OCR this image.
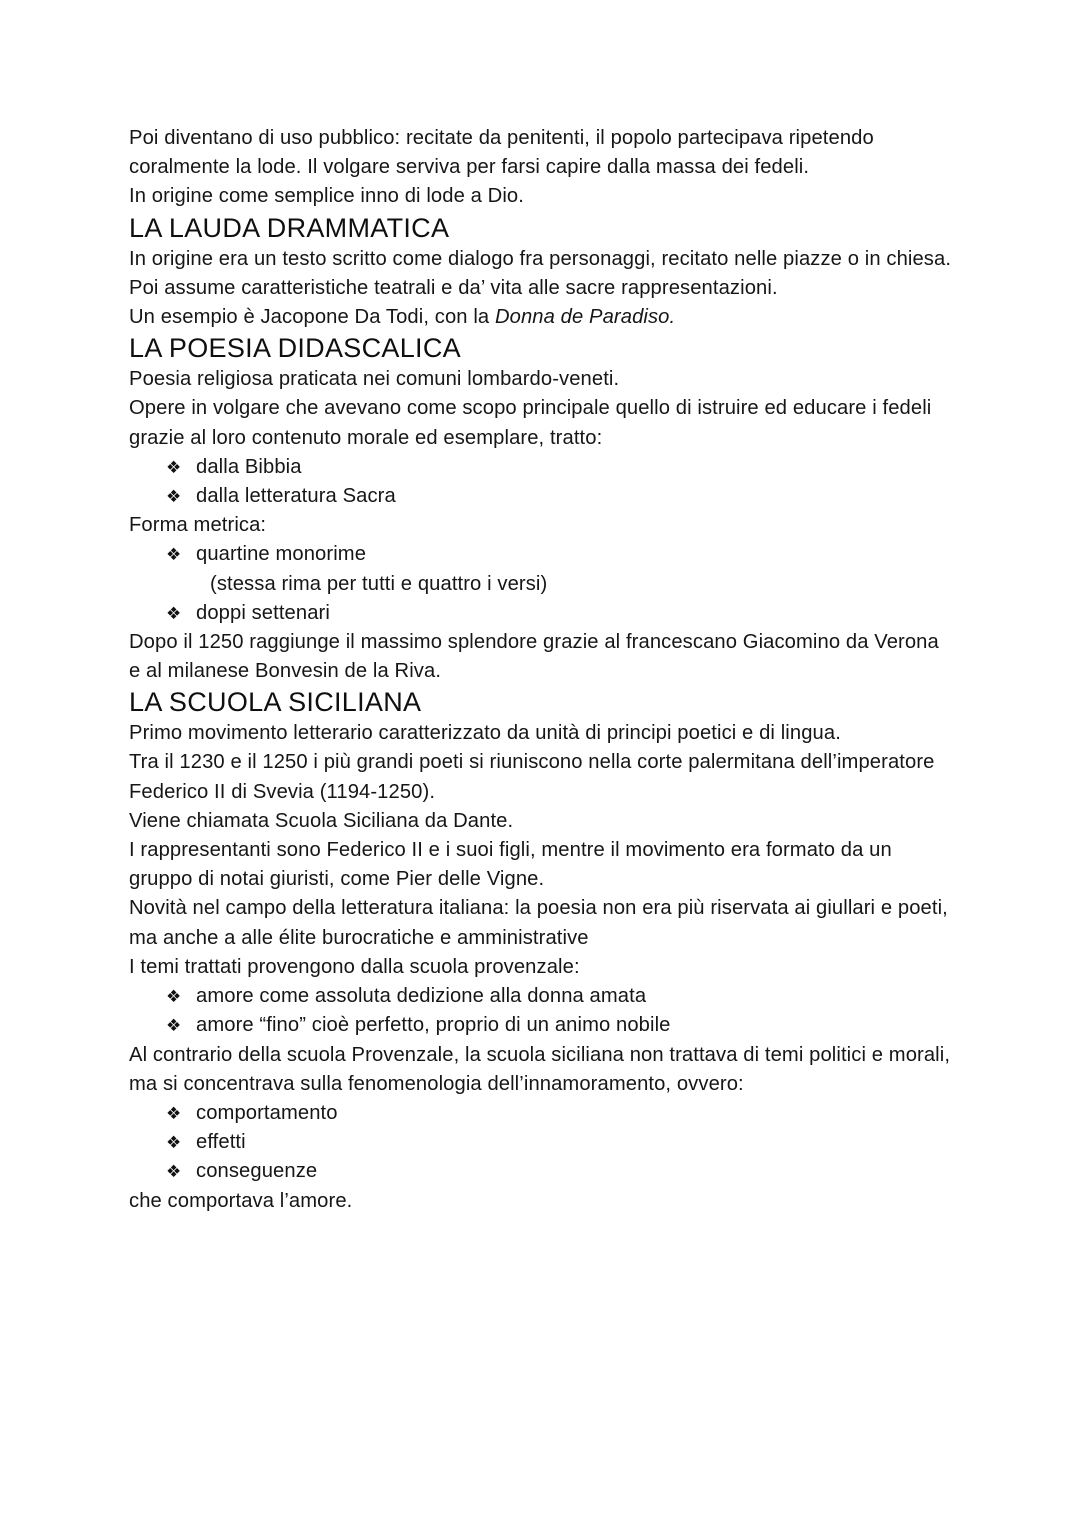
Poi diventano di uso pubblico: recitate da penitenti, il popolo partecipava ripetendo coralmente la lode. Il volgare serviva per farsi capire dalla massa dei fedeli.

In origine come semplice inno di lode a Dio.

LA LAUDA DRAMMATICA

In origine era un testo scritto come dialogo fra personaggi, recitato nelle piazze o in chiesa.

Poi assume caratteristiche teatrali e da’ vita alle sacre rappresentazioni.

Un esempio è Jacopone Da Todi, con la Donna de Paradiso.

LA POESIA DIDASCALICA

Poesia religiosa praticata nei comuni lombardo-veneti.

Opere in volgare che avevano come scopo principale quello di istruire ed educare i fedeli grazie al loro contenuto morale ed esemplare, tratto:

❖ dalla Bibbia
❖ dalla letteratura Sacra

Forma metrica:

❖ quartine monorime
(stessa rima per tutti e quattro i versi)
❖ doppi settenari

Dopo il 1250 raggiunge il massimo splendore grazie al francescano Giacomino da Verona e al milanese Bonvesin de la Riva.

LA SCUOLA SICILIANA

Primo movimento letterario caratterizzato da unità di principi poetici e di lingua.

Tra il 1230 e il 1250 i più grandi poeti si riuniscono nella corte palermitana dell’imperatore Federico II di Svevia (1194-1250).

Viene chiamata Scuola Siciliana da Dante.

I rappresentanti sono Federico II e i suoi figli, mentre il movimento era formato da un gruppo di notai giuristi, come Pier delle Vigne.

Novità nel campo della letteratura italiana: la poesia non era più riservata ai giullari e poeti, ma anche a alle élite burocratiche e amministrative

I temi trattati provengono dalla scuola provenzale:

❖ amore come assoluta dedizione alla donna amata
❖ amore “fino” cioè perfetto, proprio di un animo nobile

Al contrario della scuola Provenzale, la scuola siciliana non trattava di temi politici e morali, ma si concentrava sulla fenomenologia dell’innamoramento, ovvero:

❖ comportamento
❖ effetti
❖ conseguenze

che comportava l’amore.
